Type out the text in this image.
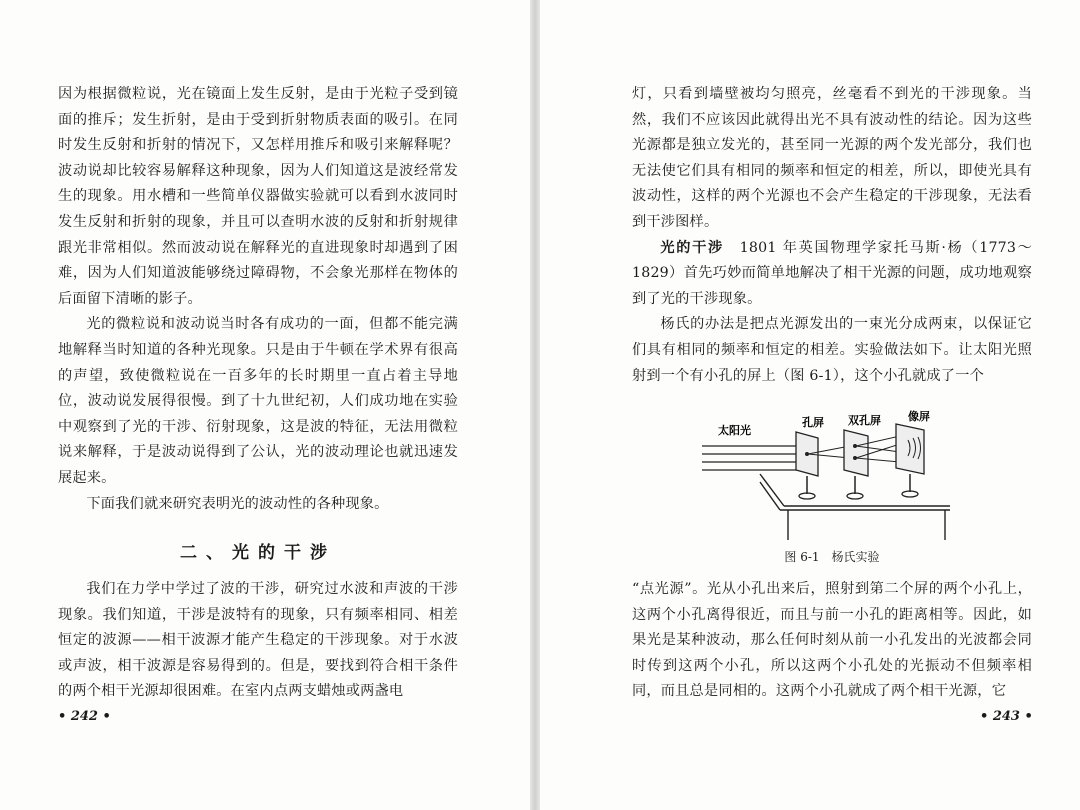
因为根据微粒说，光在镜面上发生反射，是由于光粒子受到镜面的推斥；发生折射，是由于受到折射物质表面的吸引。在同时发生反射和折射的情况下，又怎样用推斥和吸引来解释呢？波动说却比较容易解释这种现象，因为人们知道这是波经常发生的现象。用水槽和一些简单仪器做实验就可以看到水波同时发生反射和折射的现象，并且可以查明水波的反射和折射规律跟光非常相似。然而波动说在解释光的直进现象时却遇到了困难，因为人们知道波能够绕过障碍物，不会象光那样在物体的后面留下清晰的影子。

光的微粒说和波动说当时各有成功的一面，但都不能完满地解释当时知道的各种光现象。只是由于牛顿在学术界有很高的声望，致使微粒说在一百多年的长时期里一直占着主导地位，波动说发展得很慢。到了十九世纪初，人们成功地在实验中观察到了光的干涉、衍射现象，这是波的特征，无法用微粒说来解释，于是波动说得到了公认，光的波动理论也就迅速发展起来。

下面我们就来研究表明光的波动性的各种现象。

二、光的干涉

我们在力学中学过了波的干涉，研究过水波和声波的干涉现象。我们知道，干涉是波特有的现象，只有频率相同、相差恒定的波源——相干波源才能产生稳定的干涉现象。对于水波或声波，相干波源是容易得到的。但是，要找到符合相干条件的两个相干光源却很困难。在室内点两支蜡烛或两盏电

• 242 •

灯，只看到墙壁被均匀照亮，丝毫看不到光的干涉现象。当然，我们不应该因此就得出光不具有波动性的结论。因为这些光源都是独立发光的，甚至同一光源的两个发光部分，我们也无法使它们具有相同的频率和恒定的相差，所以，即使光具有波动性，这样的两个光源也不会产生稳定的干涉现象，无法看到干涉图样。

光的干涉　1801 年英国物理学家托马斯·杨（1773～1829）首先巧妙而简单地解决了相干光源的问题，成功地观察到了光的干涉现象。

杨氏的办法是把点光源发出的一束光分成两束，以保证它们具有相同的频率和恒定的相差。实验做法如下。让太阳光照射到一个有小孔的屏上（图 6-1），这个小孔就成了一个

太阳光
孔屏 双孔屏 像屏
图 6-1　杨氏实验

“点光源”。光从小孔出来后，照射到第二个屏的两个小孔上，这两个小孔离得很近，而且与前一小孔的距离相等。因此，如果光是某种波动，那么任何时刻从前一小孔发出的光波都会同时传到这两个小孔，所以这两个小孔处的光振动不但频率相同，而且总是同相的。这两个小孔就成了两个相干光源，它

• 243 •
